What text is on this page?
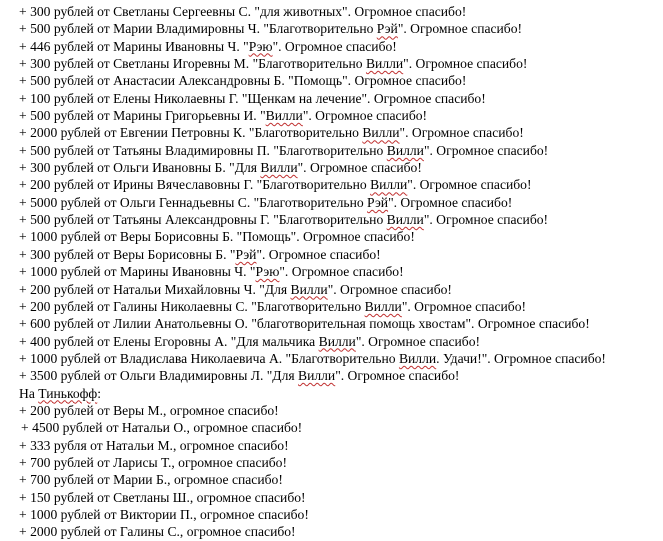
+ 300 рублей от Светланы Сергеевны С. "для животных". Огромное спасибо!
+ 500 рублей от Марии Владимировны Ч. "Благотворительно Рэй". Огромное спасибо!
+ 446 рублей от Марины Ивановны Ч. "Рэю". Огромное спасибо!
+ 300 рублей от Светланы Игоревны М. "Благотворительно Вилли". Огромное спасибо!
+ 500 рублей от Анастасии Александровны Б. "Помощь". Огромное спасибо!
+ 100 рублей от Елены Николаевны Г. "Щенкам на лечение". Огромное спасибо!
+ 500 рублей от Марины Григорьевны И. "Вилли". Огромное спасибо!
+ 2000 рублей от Евгении Петровны К. "Благотворительно Вилли". Огромное спасибо!
+ 500 рублей от Татьяны Владимировны П. "Благотворительно Вилли". Огромное спасибо!
+ 300 рублей от Ольги Ивановны Б. "Для Вилли". Огромное спасибо!
+ 200 рублей от Ирины Вячеславовны Г. "Благотворительно Вилли". Огромное спасибо!
+ 5000 рублей от Ольги Геннадьевны С. "Благотворительно Рэй". Огромное спасибо!
+ 500 рублей от Татьяны Александровны Г. "Благотворительно Вилли". Огромное спасибо!
+ 1000 рублей от Веры Борисовны Б. "Помощь". Огромное спасибо!
+ 300 рублей от Веры Борисовны Б. "Рэй". Огромное спасибо!
+ 1000 рублей от Марины Ивановны Ч. "Рэю". Огромное спасибо!
+ 200 рублей от Натальи Михайловны Ч. "Для Вилли". Огромное спасибо!
+ 200 рублей от Галины Николаевны С. "Благотворительно Вилли". Огромное спасибо!
+ 600 рублей от Лилии Анатольевны О. "благотворительная помощь хвостам". Огромное спасибо!
+ 400 рублей от Елены Егоровны А. "Для мальчика Вилли". Огромное спасибо!
+ 1000 рублей от Владислава Николаевича А. "Благотворительно Вилли. Удачи!". Огромное спасибо!
+ 3500 рублей от Ольги Владимировны Л. "Для Вилли". Огромное спасибо!
На Тинькофф:
+ 200 рублей от Веры М., огромное спасибо!
+ 4500 рублей от Натальи О., огромное спасибо!
+ 333 рубля от Натальи М., огромное спасибо!
+ 700 рублей от Ларисы Т., огромное спасибо!
+ 700 рублей от Марии Б., огромное спасибо!
+ 150 рублей от Светланы Ш., огромное спасибо!
+ 1000 рублей от Виктории П., огромное спасибо!
+ 2000 рублей от Галины С., огромное спасибо!
